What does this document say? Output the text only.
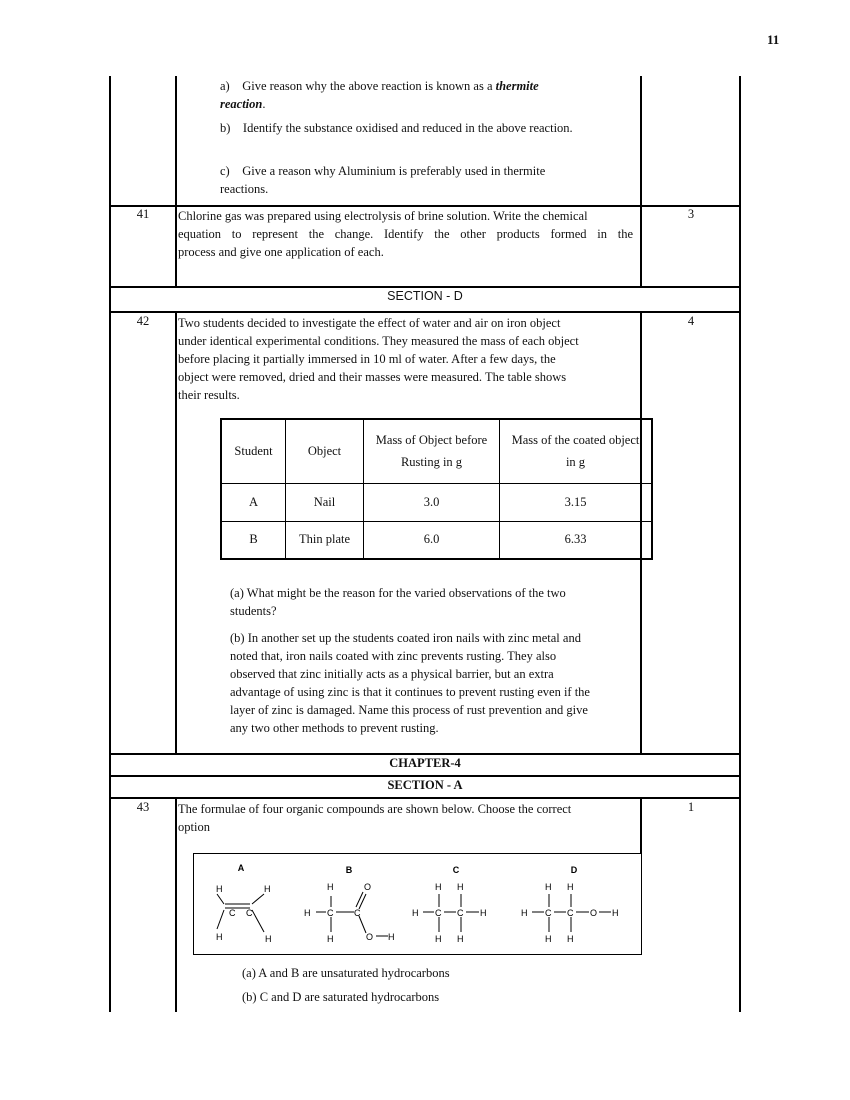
11
a) Give reason why the above reaction is known as a thermite
reaction.
b) Identify the substance oxidised and reduced in the above reaction.
c) Give a reason why Aluminium is preferably used in thermite
reactions.
41	Chlorine gas was prepared using electrolysis of brine solution. Write the chemical
equation to represent the change. Identify the other products formed in the
process and give one application of each.
3
SECTION - D
42	4
Two students decided to investigate the effect of water and air on iron object
under identical experimental conditions. They measured the mass of each object
before placing it partially immersed in 10 ml of water. After a few days, the
object were removed, dried and their masses were measured. The table shows
their results.
Student	Object	Mass of Object before Rusting in g	Mass of the coated object in g
A	Nail	3.0	3.15
B	Thin plate	6.0	6.33
(a) What might be the reason for the varied observations of the two
students?
(b) In another set up the students coated iron nails with zinc metal and
noted that, iron nails coated with zinc prevents rusting. They also
observed that zinc initially acts as a physical barrier, but an extra
advantage of using zinc is that it continues to prevent rusting even if the
layer of zinc is damaged. Name this process of rust prevention and give
any two other methods to prevent rusting.
CHAPTER-4
SECTION - A
43	1
The formulae of four organic compounds are shown below. Choose the correct
option
A	B	C	D
H	H
C C
H	H
H	O
H C C
H	O H
H H
H C C H
H H
H H
H C C O H
H H
(a) A and B are unsaturated hydrocarbons
(b) C and D are saturated hydrocarbons
